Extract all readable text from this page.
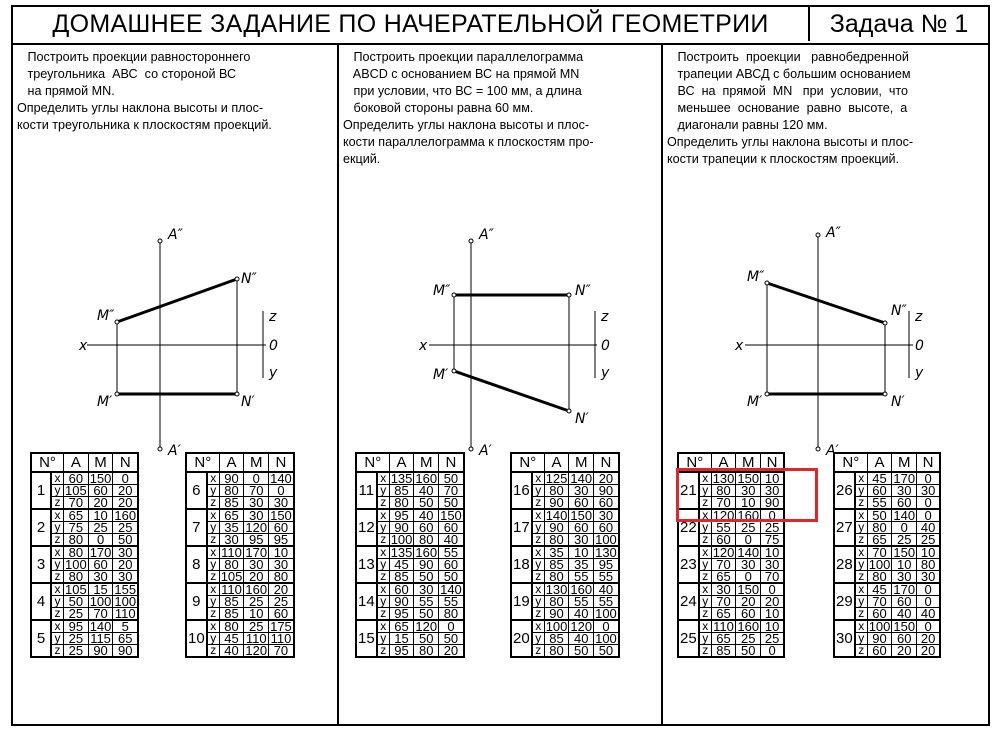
ДОМАШНЕЕ ЗАДАНИЕ ПО НАЧЕРАТЕЛЬНОЙ ГЕОМЕТРИИ	Задача № 1
Построить проекции равностороннего
треугольника  АВС  со стороной ВС
на прямой MN.
Определить углы наклона высоты и плос-
кости треугольника к плоскостям проекций.
A″
A′
M″
N″
M′	N′
x
z
0
y
Построить проекции параллелограмма
ABCD с основанием ВС на прямой MN
при условии, что ВС = 100 мм, а длина
боковой стороны равна 60 мм.
Определить углы наклона высоты и плос-
кости параллелограмма к плоскостям про-
екций.
A″
A′
M″	N″
M′
N′
x
z
0
y
Построить  проекции   равнобедренной
трапеции АВСД с большим основанием
ВС  на  прямой  MN   при  условии,  что
меньшее  основание  равно  высоте,  а
диагонали равны 120 мм.
Определить углы наклона высоты и плос-
кости трапеции к плоскостям проекций.
A″
A′
M″
N″
M′	N′
x
z
0
y
N°		A	M	N
1	x	60	150	0
	y	105	60	20
	z	70	20	20
2	x	65	10	160
	y	75	25	25
	z	80	0	50
3	x	80	170	30
	y	100	60	20
	z	80	30	30
4	x	105	15	155
	y	50	100	100
	z	25	70	110
5	x	95	140	5
	y	25	115	65
	z	25	90	90
N°		A	M	N
6	x	90	0	140
	y	80	70	0
	z	85	30	30
7	x	65	30	150
	y	35	120	60
	z	30	95	95
8	x	110	170	10
	y	80	30	30
	z	105	20	80
9	x	110	160	20
	y	85	25	25
	z	85	10	60
10	x	80	25	175
	y	45	110	110
	z	40	120	70
N°		A	M	N
11	x	135	160	50
	y	85	40	70
	z	80	50	50
12	x	95	40	150
	y	90	60	60
	z	100	80	40
13	x	135	160	55
	y	45	90	60
	z	85	50	50
14	x	60	30	140
	y	90	55	55
	z	95	50	80
15	x	65	120	0
	y	15	50	50
	z	95	80	20
N°		A	M	N
16	x	125	140	20
	y	80	30	90
	z	90	60	60
17	x	140	150	30
	y	90	60	60
	z	80	30	100
18	x	35	10	130
	y	85	35	95
	z	80	55	55
19	x	130	160	40
	y	80	55	55
	z	90	40	100
20	x	100	120	0
	y	85	40	100
	z	80	50	50
N°		A	M	N
21	x	130	150	10
	y	80	30	30
	z	70	10	90
22	x	120	160	0
	y	55	25	25
	z	60	0	75
23	x	120	140	10
	y	70	30	30
	z	65	0	70
24	x	30	150	0
	y	70	20	20
	z	65	60	10
25	x	110	160	10
	y	65	25	25
	z	85	50	0
N°		A	M	N
26	x	45	170	0
	y	60	30	30
	z	55	60	0
27	x	50	140	0
	y	80	0	40
	z	65	25	25
28	x	70	150	10
	y	100	10	80
	z	80	30	30
29	x	45	170	0
	y	70	60	0
	z	60	40	40
30	x	100	150	0
	y	90	60	20
	z	60	20	20
